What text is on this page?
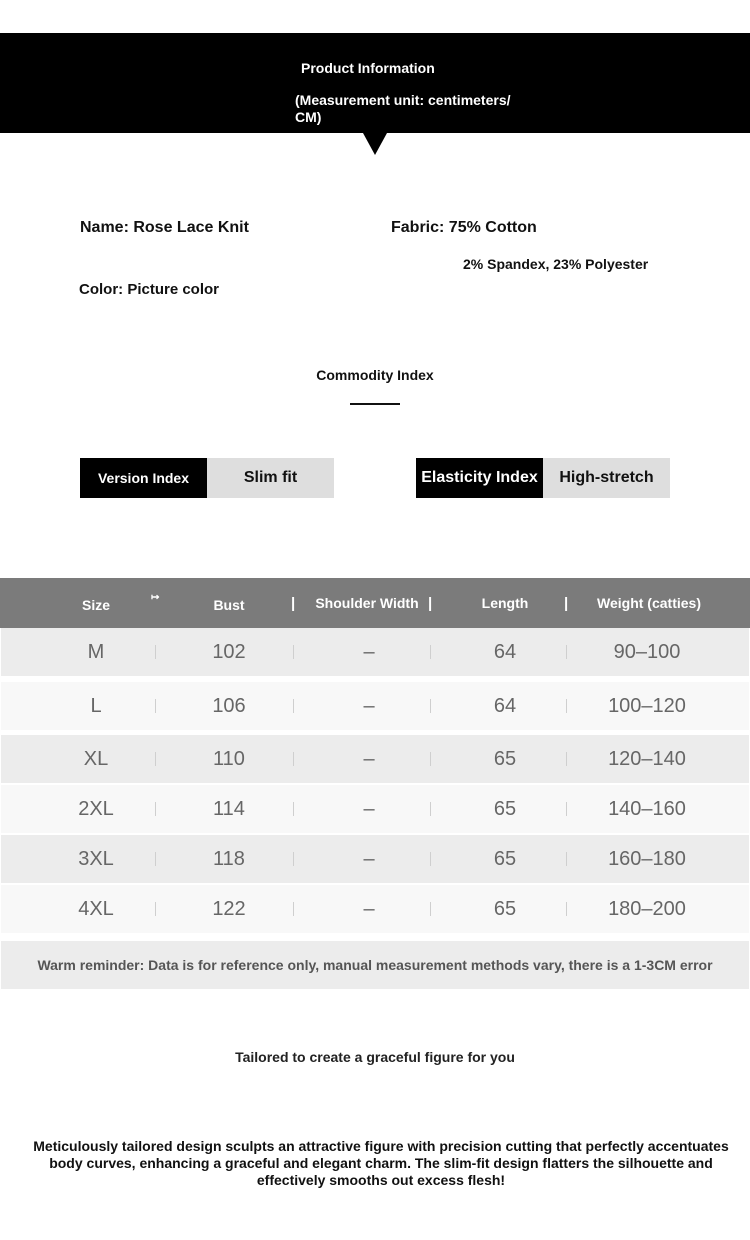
Product Information
(Measurement unit: centimeters/ CM)
Name: Rose Lace Knit	Fabric: 75% Cotton
2% Spandex, 23% Polyester
Color: Picture color
Commodity Index
Version Index	Slim fit	Elasticity Index	High-stretch
Size	Bust	Shoulder Width	Length	Weight (catties)
↦	|	|	|
M	102	–	64	90–100
L	106	–	64	100–120
XL	110	–	65	120–140
2XL	114	–	65	140–160
3XL	118	–	65	160–180
4XL	122	–	65	180–200
Warm reminder: Data is for reference only, manual measurement methods vary, there is a 1-3CM error
Tailored to create a graceful figure for you
Meticulously tailored design sculpts an attractive figure with precision cutting that perfectly accentuates body curves, enhancing a graceful and elegant charm. The slim-fit design flatters the silhouette and effectively smooths out excess flesh!
